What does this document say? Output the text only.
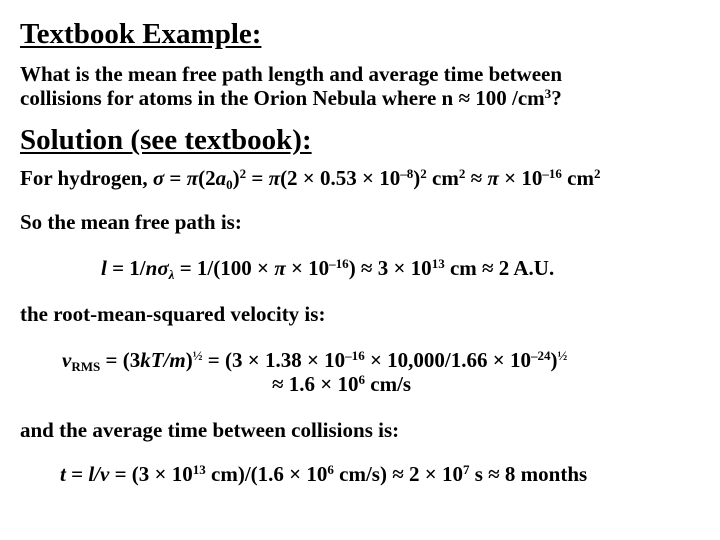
Textbook Example:
What is the mean free path length and average time between
collisions for atoms in the Orion Nebula where n ≈ 100 $/cm^3$?
Solution (see textbook):
For hydrogen, $\sigma = \pi(2a_0)^2 = \pi(2 \times 0.53 \times 10^{-8})^2$ $cm^2 \approx \pi \times 10^{-16}$ $cm^2$
So the mean free path is:
$l = 1/n\sigma_\lambda = 1/(100 \times \pi \times 10^{-16}) \approx 3 \times 10^{13}$ cm ≈ 2 A.U.
the root-mean-squared velocity is:
$v_{RMS} = (3kT/m)^{\frac{1}{2}} = (3 \times 1.38 \times 10^{-16} \times 10,000/1.66 \times 10^{-24})^{\frac{1}{2}}$
≈ $1.6 \times 10^6$ cm/s
and the average time between collisions is:
$t = l/v = (3 \times 10^{13}$ $cm)/(1.6 \times 10^6$ $cm/s) \approx 2 \times 10^7$ s ≈ 8 months
